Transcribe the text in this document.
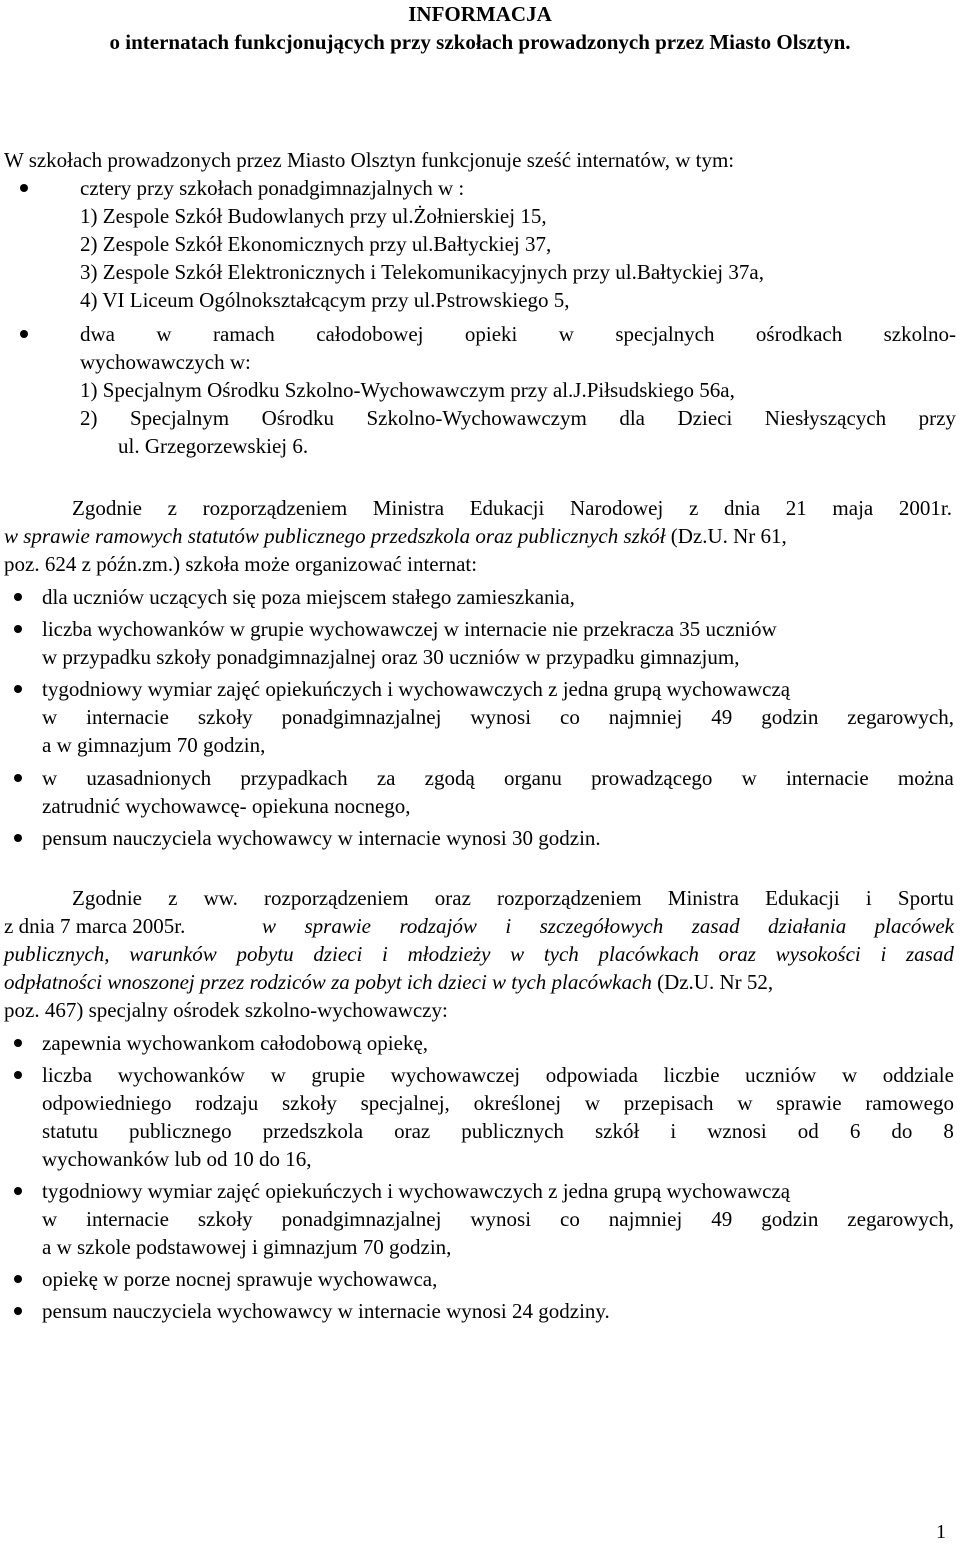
INFORMACJA
o internatach funkcjonujących przy szkołach prowadzonych przez Miasto Olsztyn.
W szkołach prowadzonych przez Miasto Olsztyn funkcjonuje sześć internatów, w tym:
cztery przy szkołach ponadgimnazjalnych w :
1) Zespole Szkół Budowlanych przy ul.Żołnierskiej 15,
2) Zespole Szkół Ekonomicznych przy ul.Bałtyckiej 37,
3) Zespole Szkół Elektronicznych i Telekomunikacyjnych przy ul.Bałtyckiej 37a,
4) VI Liceum Ogólnokształcącym przy ul.Pstrowskiego 5,
dwa w ramach całodobowej opieki w specjalnych ośrodkach szkolno-
wychowawczych w:
1) Specjalnym Ośrodku Szkolno-Wychowawczym przy al.J.Piłsudskiego 56a,
2) Specjalnym Ośrodku Szkolno-Wychowawczym dla Dzieci Niesłyszących przy
ul. Grzegorzewskiej 6.
Zgodnie z rozporządzeniem Ministra Edukacji Narodowej z dnia 21 maja 2001r.
w sprawie ramowych statutów publicznego przedszkola oraz publicznych szkół (Dz.U. Nr 61,
poz. 624 z późn.zm.) szkoła może organizować internat:
dla uczniów uczących się poza miejscem stałego zamieszkania,
liczba wychowanków w grupie wychowawczej w internacie nie przekracza 35 uczniów
w przypadku szkoły ponadgimnazjalnej oraz 30 uczniów w przypadku gimnazjum,
tygodniowy wymiar zajęć opiekuńczych i wychowawczych z jedna grupą wychowawczą
w internacie szkoły ponadgimnazjalnej wynosi co najmniej 49 godzin zegarowych,
a w gimnazjum 70 godzin,
w uzasadnionych przypadkach za zgodą organu prowadzącego w internacie można
zatrudnić wychowawcę- opiekuna nocnego,
pensum nauczyciela wychowawcy w internacie wynosi 30 godzin.
Zgodnie z ww. rozporządzeniem oraz rozporządzeniem Ministra Edukacji i Sportu
z dnia 7 marca 2005r.	w sprawie rodzajów i szczegółowych zasad działania placówek
publicznych, warunków pobytu dzieci i młodzieży w tych placówkach oraz wysokości i zasad
odpłatności wnoszonej przez rodziców za pobyt ich dzieci w tych placówkach (Dz.U. Nr 52,
poz. 467) specjalny ośrodek szkolno-wychowawczy:
zapewnia wychowankom całodobową opiekę,
liczba wychowanków w grupie wychowawczej odpowiada liczbie uczniów w oddziale
odpowiedniego rodzaju szkoły specjalnej, określonej w przepisach w sprawie ramowego
statutu publicznego przedszkola oraz publicznych szkół i wznosi od 6 do 8
wychowanków lub od 10 do 16,
tygodniowy wymiar zajęć opiekuńczych i wychowawczych z jedna grupą wychowawczą
w internacie szkoły ponadgimnazjalnej wynosi co najmniej 49 godzin zegarowych,
a w szkole podstawowej i gimnazjum 70 godzin,
opiekę w porze nocnej sprawuje wychowawca,
pensum nauczyciela wychowawcy w internacie wynosi 24 godziny.
1
